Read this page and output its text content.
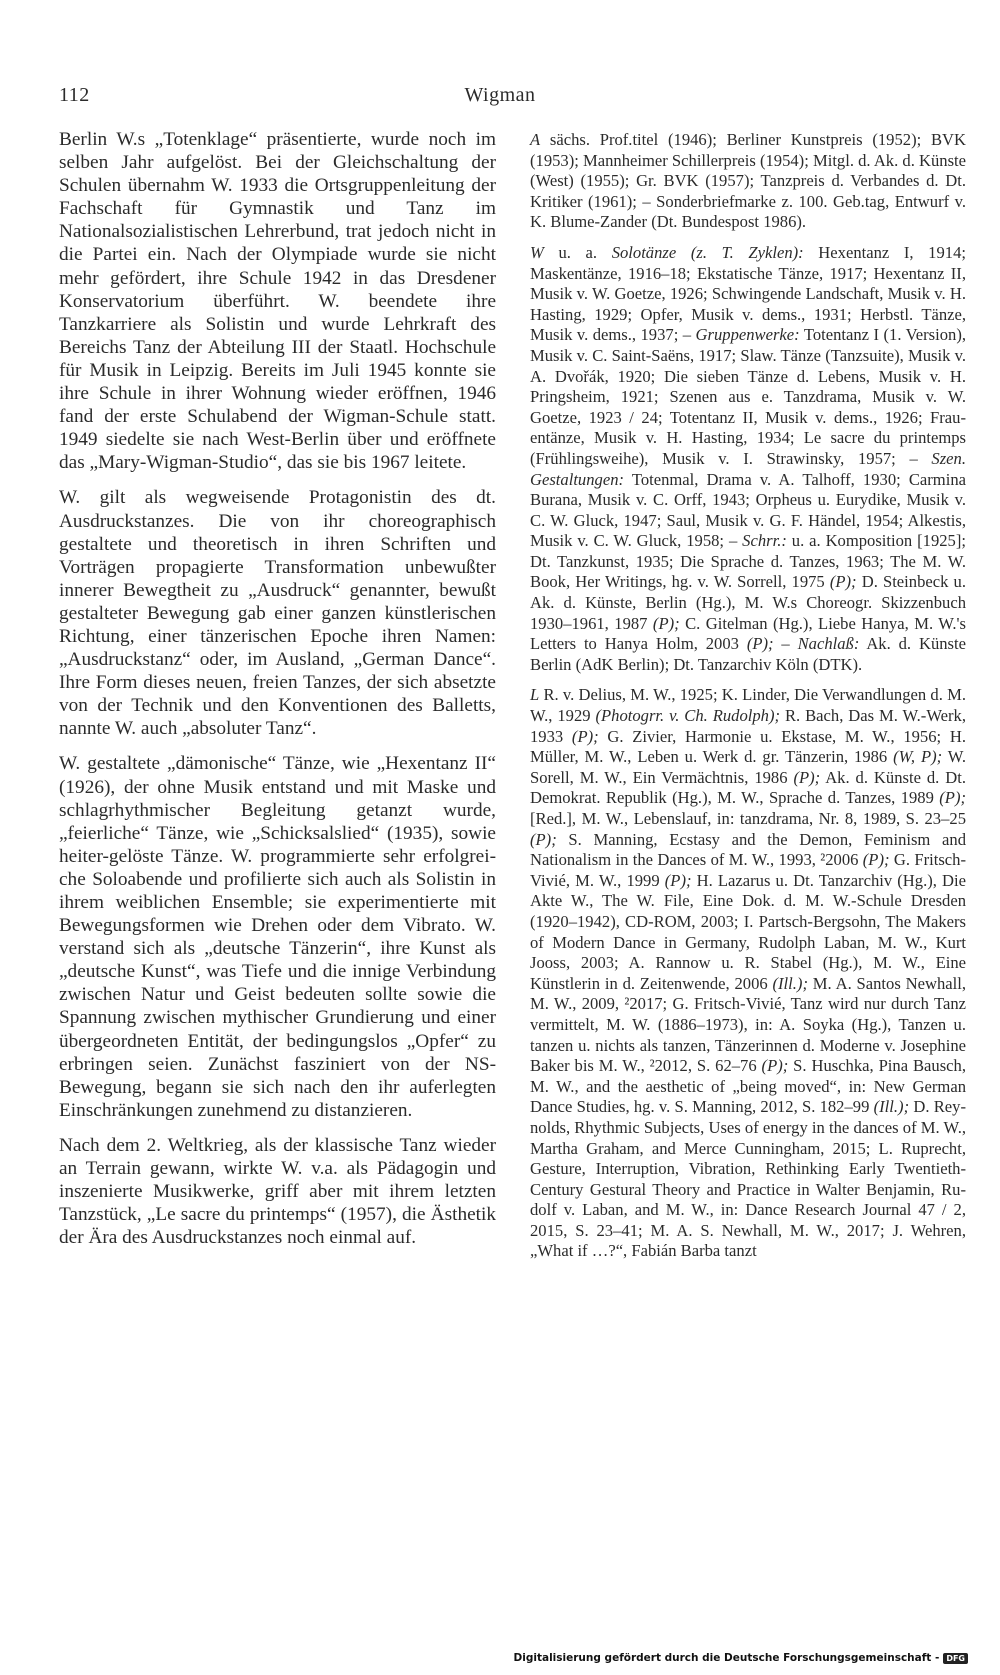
112	Wigman

Berlin W.s „Totenklage“ präsentierte, wurde noch im selben Jahr aufgelöst. Bei der Gleichschaltung der Schulen übernahm W. 1933 die Ortsgruppenleitung der Fachschaft für Gymnastik und Tanz im Nationalsozialistischen Lehrerbund, trat jedoch nicht in die Partei ein. Nach der Olympiade wurde sie nicht mehr gefördert, ihre Schule 1942 in das Dresdener Konservatorium überführt. W. beendete ihre Tanzkarriere als Solistin und wurde Lehrkraft des Bereichs Tanz der Abteilung III der Staatl. Hochschule für Musik in Leipzig. Bereits im Juli 1945 konnte sie ihre Schule in ihrer Wohnung wieder eröffnen, 1946 fand der erste Schulabend der Wigman-Schule statt. 1949 siedelte sie nach West-Berlin über und eröffnete das „Mary-Wigman-Studio“, das sie bis 1967 leitete.

W. gilt als wegweisende Protagonistin des dt. Ausdruckstanzes. Die von ihr choreographisch gestaltete und theoretisch in ihren Schriften und Vorträgen propagierte Transformation unbewußter innerer Bewegtheit zu „Ausdruck“ genannter, bewußt gestalteter Bewegung gab einer ganzen künstlerischen Richtung, einer tänzerischen Epoche ihren Namen: „Ausdruckstanz“ oder, im Ausland, „German Dance“. Ihre Form dieses neuen, freien Tanzes, der sich absetzte von der Technik und den Konventionen des Balletts, nannte W. auch „absoluter Tanz“.

W. gestaltete „dämonische“ Tänze, wie „Hexentanz II“ (1926), der ohne Musik entstand und mit Maske und schlagrhythmischer Begleitung getanzt wurde, „feierliche“ Tänze, wie „Schicksalslied“ (1935), sowie heiter-gelöste Tänze. W. programmierte sehr erfolgreiche Soloabende und profilierte sich auch als Solistin in ihrem weiblichen Ensemble; sie experimentierte mit Bewegungsformen wie Drehen oder dem Vibrato. W. verstand sich als „deutsche Tänzerin“, ihre Kunst als „deutsche Kunst“, was Tiefe und die innige Verbindung zwischen Natur und Geist bedeuten sollte sowie die Spannung zwischen mythischer Grundierung und einer übergeordneten Entität, der bedingungslos „Opfer“ zu erbringen seien. Zunächst fasziniert von der NS-Bewegung, begann sie sich nach den ihr auferlegten Einschränkungen zunehmend zu distanzieren.

Nach dem 2. Weltkrieg, als der klassische Tanz wieder an Terrain gewann, wirkte W. v.a. als Pädagogin und inszenierte Musikwerke, griff aber mit ihrem letzten Tanzstück, „Le sacre du printemps“ (1957), die Ästhetik der Ära des Ausdruckstanzes noch einmal auf.

A sächs. Prof.titel (1946); Berliner Kunstpreis (1952); BVK (1953); Mannheimer Schillerpreis (1954); Mitgl. d. Ak. d. Künste (West) (1955); Gr. BVK (1957); Tanzpreis d. Verbandes d. Dt. Kritiker (1961); – Sonderbriefmarke z. 100. Geb.tag, Entwurf v. K. Blume-Zander (Dt. Bundespost 1986).

W u. a. Solotänze (z. T. Zyklen): Hexentanz I, 1914; Maskentänze, 1916–18; Ekstatische Tänze, 1917; Hexentanz II, Musik v. W. Goetze, 1926; Schwingende Landschaft, Musik v. H. Hasting, 1929; Opfer, Musik v. dems., 1931; Herbstl. Tänze, Musik v. dems., 1937; – Gruppenwerke: Totentanz I (1. Version), Musik v. C. Saint-Saëns, 1917; Slaw. Tänze (Tanzsuite), Musik v. A. Dvořák, 1920; Die sieben Tänze d. Lebens, Musik v. H. Pringsheim, 1921; Szenen aus e. Tanzdrama, Musik v. W. Goetze, 1923 / 24; Totentanz II, Musik v. dems., 1926; Frauentänze, Musik v. H. Hasting, 1934; Le sacre du printemps (Frühlingsweihe), Musik v. I. Strawinsky, 1957; – Szen. Gestaltungen: Totenmal, Drama v. A. Talhoff, 1930; Carmina Burana, Musik v. C. Orff, 1943; Orpheus u. Eurydike, Musik v. C. W. Gluck, 1947; Saul, Musik v. G. F. Händel, 1954; Alkestis, Musik v. C. W. Gluck, 1958; – Schrr.: u. a. Komposition [1925]; Dt. Tanzkunst, 1935; Die Sprache d. Tanzes, 1963; The M. W. Book, Her Writings, hg. v. W. Sorrell, 1975 (P); D. Steinbeck u. Ak. d. Künste, Berlin (Hg.), M. W.s Choreogr. Skizzenbuch 1930–1961, 1987 (P); C. Gitelman (Hg.), Liebe Hanya, M. W.'s Letters to Hanya Holm, 2003 (P); – Nachlaß: Ak. d. Künste Berlin (AdK Berlin); Dt. Tanzarchiv Köln (DTK).

L R. v. Delius, M. W., 1925; K. Linder, Die Verwandlungen d. M. W., 1929 (Photogrr. v. Ch. Rudolph); R. Bach, Das M. W.-Werk, 1933 (P); G. Zivier, Harmonie u. Ekstase, M. W., 1956; H. Müller, M. W., Leben u. Werk d. gr. Tänzerin, 1986 (W, P); W. Sorell, M. W., Ein Vermächtnis, 1986 (P); Ak. d. Künste d. Dt. Demokrat. Republik (Hg.), M. W., Sprache d. Tanzes, 1989 (P); [Red.], M. W., Lebenslauf, in: tanzdrama, Nr. 8, 1989, S. 23–25 (P); S. Manning, Ecstasy and the Demon, Feminism and Nationalism in the Dances of M. W., 1993, ²2006 (P); G. Fritsch-Vivié, M. W., 1999 (P); H. Lazarus u. Dt. Tanzarchiv (Hg.), Die Akte W., The W. File, Eine Dok. d. M. W.-Schule Dresden (1920–1942), CD-ROM, 2003; I. Partsch-Bergsohn, The Makers of Modern Dance in Germany, Rudolph Laban, M. W., Kurt Jooss, 2003; A. Rannow u. R. Stabel (Hg.), M. W., Eine Künstlerin in d. Zeitenwende, 2006 (Ill.); M. A. Santos Newhall, M. W., 2009, ²2017; G. Fritsch-Vivié, Tanz wird nur durch Tanz vermittelt, M. W. (1886–1973), in: A. Soyka (Hg.), Tanzen u. tanzen u. nichts als tanzen, Tänzerinnen d. Moderne v. Josephine Baker bis M. W., ²2012, S. 62–76 (P); S. Huschka, Pina Bausch, M. W., and the aesthetic of „being moved“, in: New German Dance Studies, hg. v. S. Manning, 2012, S. 182–99 (Ill.); D. Reynolds, Rhythmic Subjects, Uses of energy in the dances of M. W., Martha Graham, and Merce Cunningham, 2015; L. Ruprecht, Gesture, Interruption, Vibration, Rethinking Early Twentieth-Century Gestural Theory and Practice in Walter Benjamin, Rudolf v. Laban, and M. W., in: Dance Research Journal 47 / 2, 2015, S. 23–41; M. A. S. Newhall, M. W., 2017; J. Wehren, „What if …?“, Fabián Barba tanzt

Digitalisierung gefördert durch die Deutsche Forschungsgemeinschaft - DFG
